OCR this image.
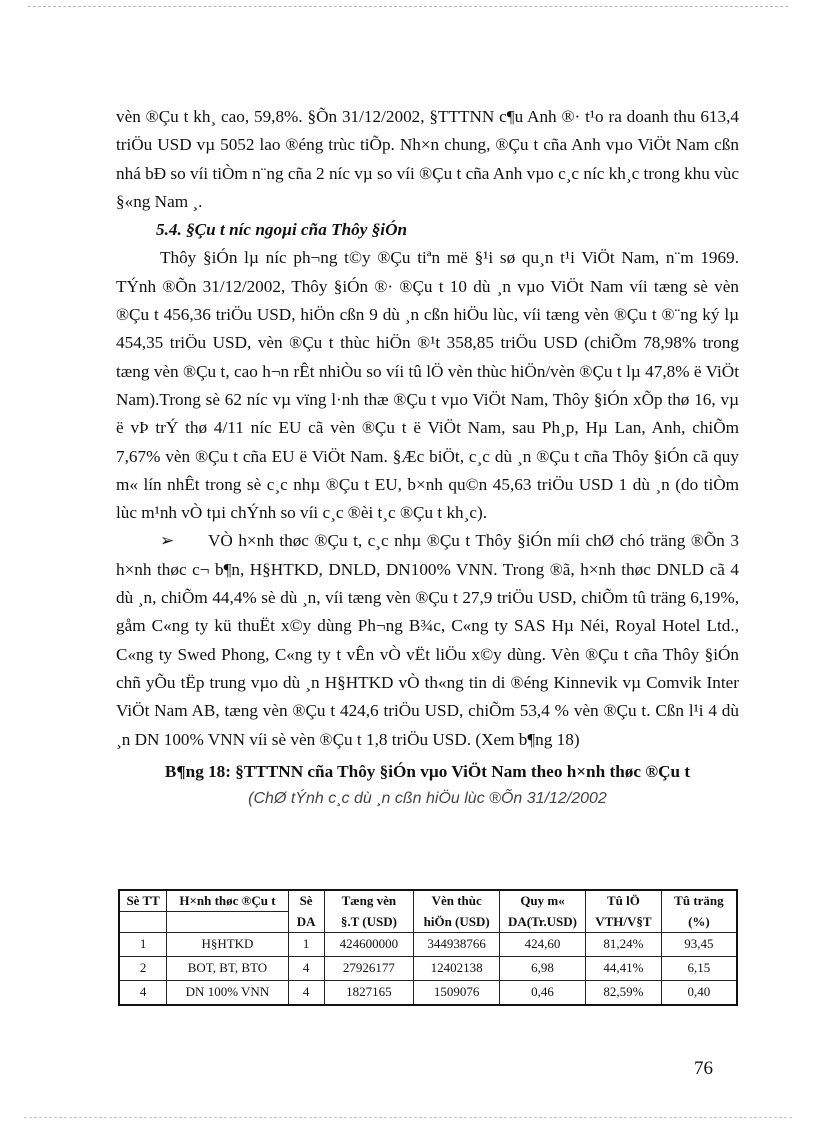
vèn ®Çu t kh¸ cao, 59,8%. §Õn 31/12/2002, §TTTNN c¶u Anh ®· t¹o ra doanh thu 613,4 triÖu USD vµ 5052 lao ®éng trùc tiÕp. Nh×n chung, ®Çu t cña Anh vµo ViÖt Nam cßn nhá bÐ so víi tiÒm n¨ng cña 2 níc vµ so víi ®Çu t cña Anh vµo c¸c níc kh¸c trong khu vùc §«ng Nam ¸.

5.4. §Çu t níc ngoµi cña Thôy §iÓn

Thôy §iÓn lµ níc ph¬ng t©y ®Çu tiªn më §¹i sø qu¸n t¹i ViÖt Nam, n¨m 1969. TÝnh ®Õn 31/12/2002, Thôy §iÓn ®· ®Çu t 10 dù ¸n vµo ViÖt Nam víi tæng sè vèn ®Çu t 456,36 triÖu USD, hiÖn cßn 9 dù ¸n cßn hiÖu lùc, víi tæng vèn ®Çu t ®¨ng ký lµ 454,35 triÖu USD, vèn ®Çu t thùc hiÖn ®¹t 358,85 triÖu USD (chiÕm 78,98% trong tæng vèn ®Çu t, cao h¬n rÊt nhiÒu so víi tû lÖ vèn thùc hiÖn/vèn ®Çu t lµ 47,8% ë ViÖt Nam).Trong sè 62 níc vµ vïng l·nh thæ ®Çu t vµo ViÖt Nam, Thôy §iÓn xÕp thø 16, vµ ë vÞ trÝ thø 4/11 níc EU cã vèn ®Çu t ë ViÖt Nam, sau Ph¸p, Hµ Lan, Anh, chiÕm 7,67% vèn ®Çu t cña EU ë ViÖt Nam. §Æc biÖt, c¸c dù ¸n ®Çu t cña Thôy §iÓn cã quy m« lín nhÊt trong sè c¸c nhµ ®Çu t EU, b×nh qu©n 45,63 triÖu USD 1 dù ¸n (do tiÒm lùc m¹nh vÒ tµi chÝnh so víi c¸c ®èi t¸c ®Çu t kh¸c).

➢ VÒ h×nh thøc ®Çu t, c¸c nhµ ®Çu t Thôy §iÓn míi chØ chó träng ®Õn 3 h×nh thøc c¬ b¶n, H§HTKD, DNLD, DN100% VNN. Trong ®ã, h×nh thøc DNLD cã 4 dù ¸n, chiÕm 44,4% sè dù ¸n, víi tæng vèn ®Çu t 27,9 triÖu USD, chiÕm tû träng 6,19%, gåm C«ng ty kü thuËt x©y dùng Ph¬ng B¾c, C«ng ty SAS Hµ Néi, Royal Hotel Ltd., C«ng ty Swed Phong, C«ng ty t vÊn vÒ vËt liÖu x©y dùng. Vèn ®Çu t cña Thôy §iÓn chñ yÕu tËp trung vµo dù ¸n H§HTKD vÒ th«ng tin di ®éng Kinnevik vµ Comvik Inter ViÖt Nam AB, tæng vèn ®Çu t 424,6 triÖu USD, chiÕm 53,4 % vèn ®Çu t. Cßn l¹i 4 dù ¸n DN 100% VNN víi sè vèn ®Çu t 1,8 triÖu USD. (Xem b¶ng 18)

B¶ng 18: §TTTNN cña Thôy §iÓn vµo ViÖt Nam theo h×nh thøc ®Çu t

(ChØ tÝnh c¸c dù ¸n cßn hiÖu lùc ®Õn 31/12/2002

Sè TT	H×nh thøc ®Çu t	Sè	Tæng vèn	Vèn thùc	Quy m«	Tû lÖ	Tû träng
		DA	§.T (USD)	hiÖn (USD)	DA(Tr.USD)	VTH/V§T	(%)
1	H§HTKD	1	424600000	344938766	424,60	81,24%	93,45
2	BOT, BT, BTO	4	27926177	12402138	6,98	44,41%	6,15
4	DN 100% VNN	4	1827165	1509076	0,46	82,59%	0,40
76
